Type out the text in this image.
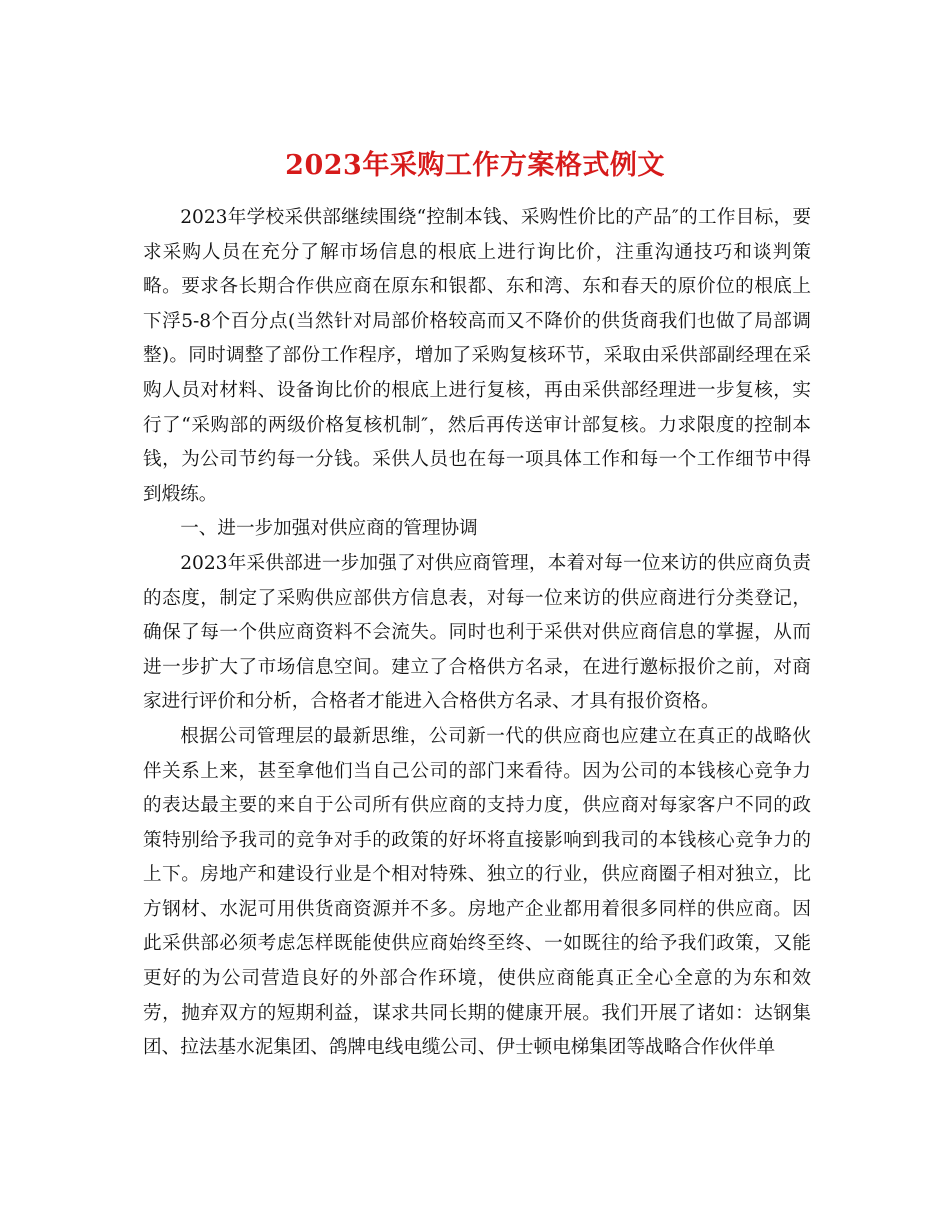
2023年采购工作方案格式例文

2023年学校采供部继续围绕“控制本钱、采购性价比的产品″的工作目标，要求采购人员在充分了解市场信息的根底上进行询比价，注重沟通技巧和谈判策略。要求各长期合作供应商在原东和银都、东和湾、东和春天的原价位的根底上下浮5-8个百分点(当然针对局部价格较高而又不降价的供货商我们也做了局部调整)。同时调整了部份工作程序，增加了采购复核环节，采取由采供部副经理在采购人员对材料、设备询比价的根底上进行复核，再由采供部经理进一步复核，实行了“采购部的两级价格复核机制″，然后再传送审计部复核。力求限度的控制本钱，为公司节约每一分钱。采供人员也在每一项具体工作和每一个工作细节中得到煅练。

一、进一步加强对供应商的管理协调

2023年采供部进一步加强了对供应商管理，本着对每一位来访的供应商负责的态度，制定了采购供应部供方信息表，对每一位来访的供应商进行分类登记，确保了每一个供应商资料不会流失。同时也利于采供对供应商信息的掌握，从而进一步扩大了市场信息空间。建立了合格供方名录，在进行邀标报价之前，对商家进行评价和分析，合格者才能进入合格供方名录、才具有报价资格。

根据公司管理层的最新思维，公司新一代的供应商也应建立在真正的战略伙伴关系上来，甚至拿他们当自己公司的部门来看待。因为公司的本钱核心竞争力的表达最主要的来自于公司所有供应商的支持力度，供应商对每家客户不同的政策特别给予我司的竞争对手的政策的好坏将直接影响到我司的本钱核心竞争力的上下。房地产和建设行业是个相对特殊、独立的行业，供应商圈子相对独立，比方钢材、水泥可用供货商资源并不多。房地产企业都用着很多同样的供应商。因此采供部必须考虑怎样既能使供应商始终至终、一如既往的给予我们政策，又能更好的为公司营造良好的外部合作环境，使供应商能真正全心全意的为东和效劳，抛弃双方的短期利益，谋求共同长期的健康开展。我们开展了诸如：达钢集团、拉法基水泥集团、鸽牌电线电缆公司、伊士顿电梯集团等战略合作伙伴单
